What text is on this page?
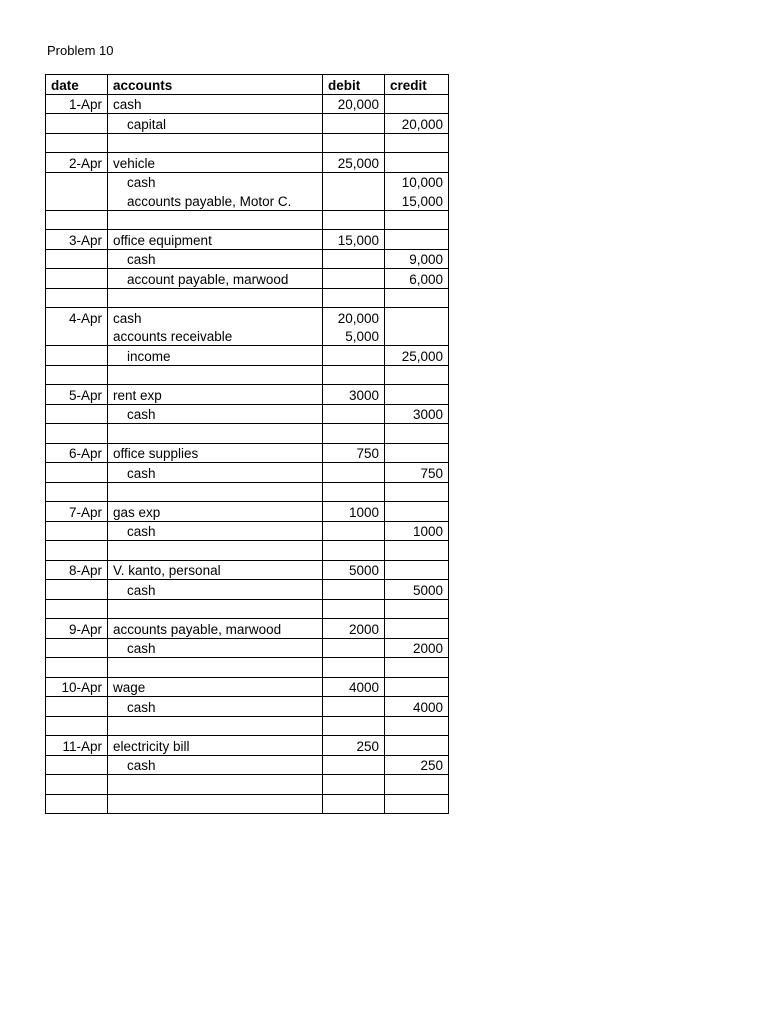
Problem 10
date	accounts	debit	credit
1-Apr	cash	20,000	
	capital		20,000

2-Apr	vehicle	25,000	
	cash		10,000
	accounts payable, Motor C.		15,000

3-Apr	office equipment	15,000	
	cash		9,000
	account payable, marwood		6,000

4-Apr	cash	20,000	
	accounts receivable	5,000	
	income		25,000

5-Apr	rent exp	3000	
	cash		3000

6-Apr	office supplies	750	
	cash		750

7-Apr	gas exp	1000	
	cash		1000

8-Apr	V. kanto, personal	5000	
	cash		5000

9-Apr	accounts payable, marwood	2000	
	cash		2000

10-Apr	wage	4000	
	cash		4000

11-Apr	electricity bill	250	
	cash		250
